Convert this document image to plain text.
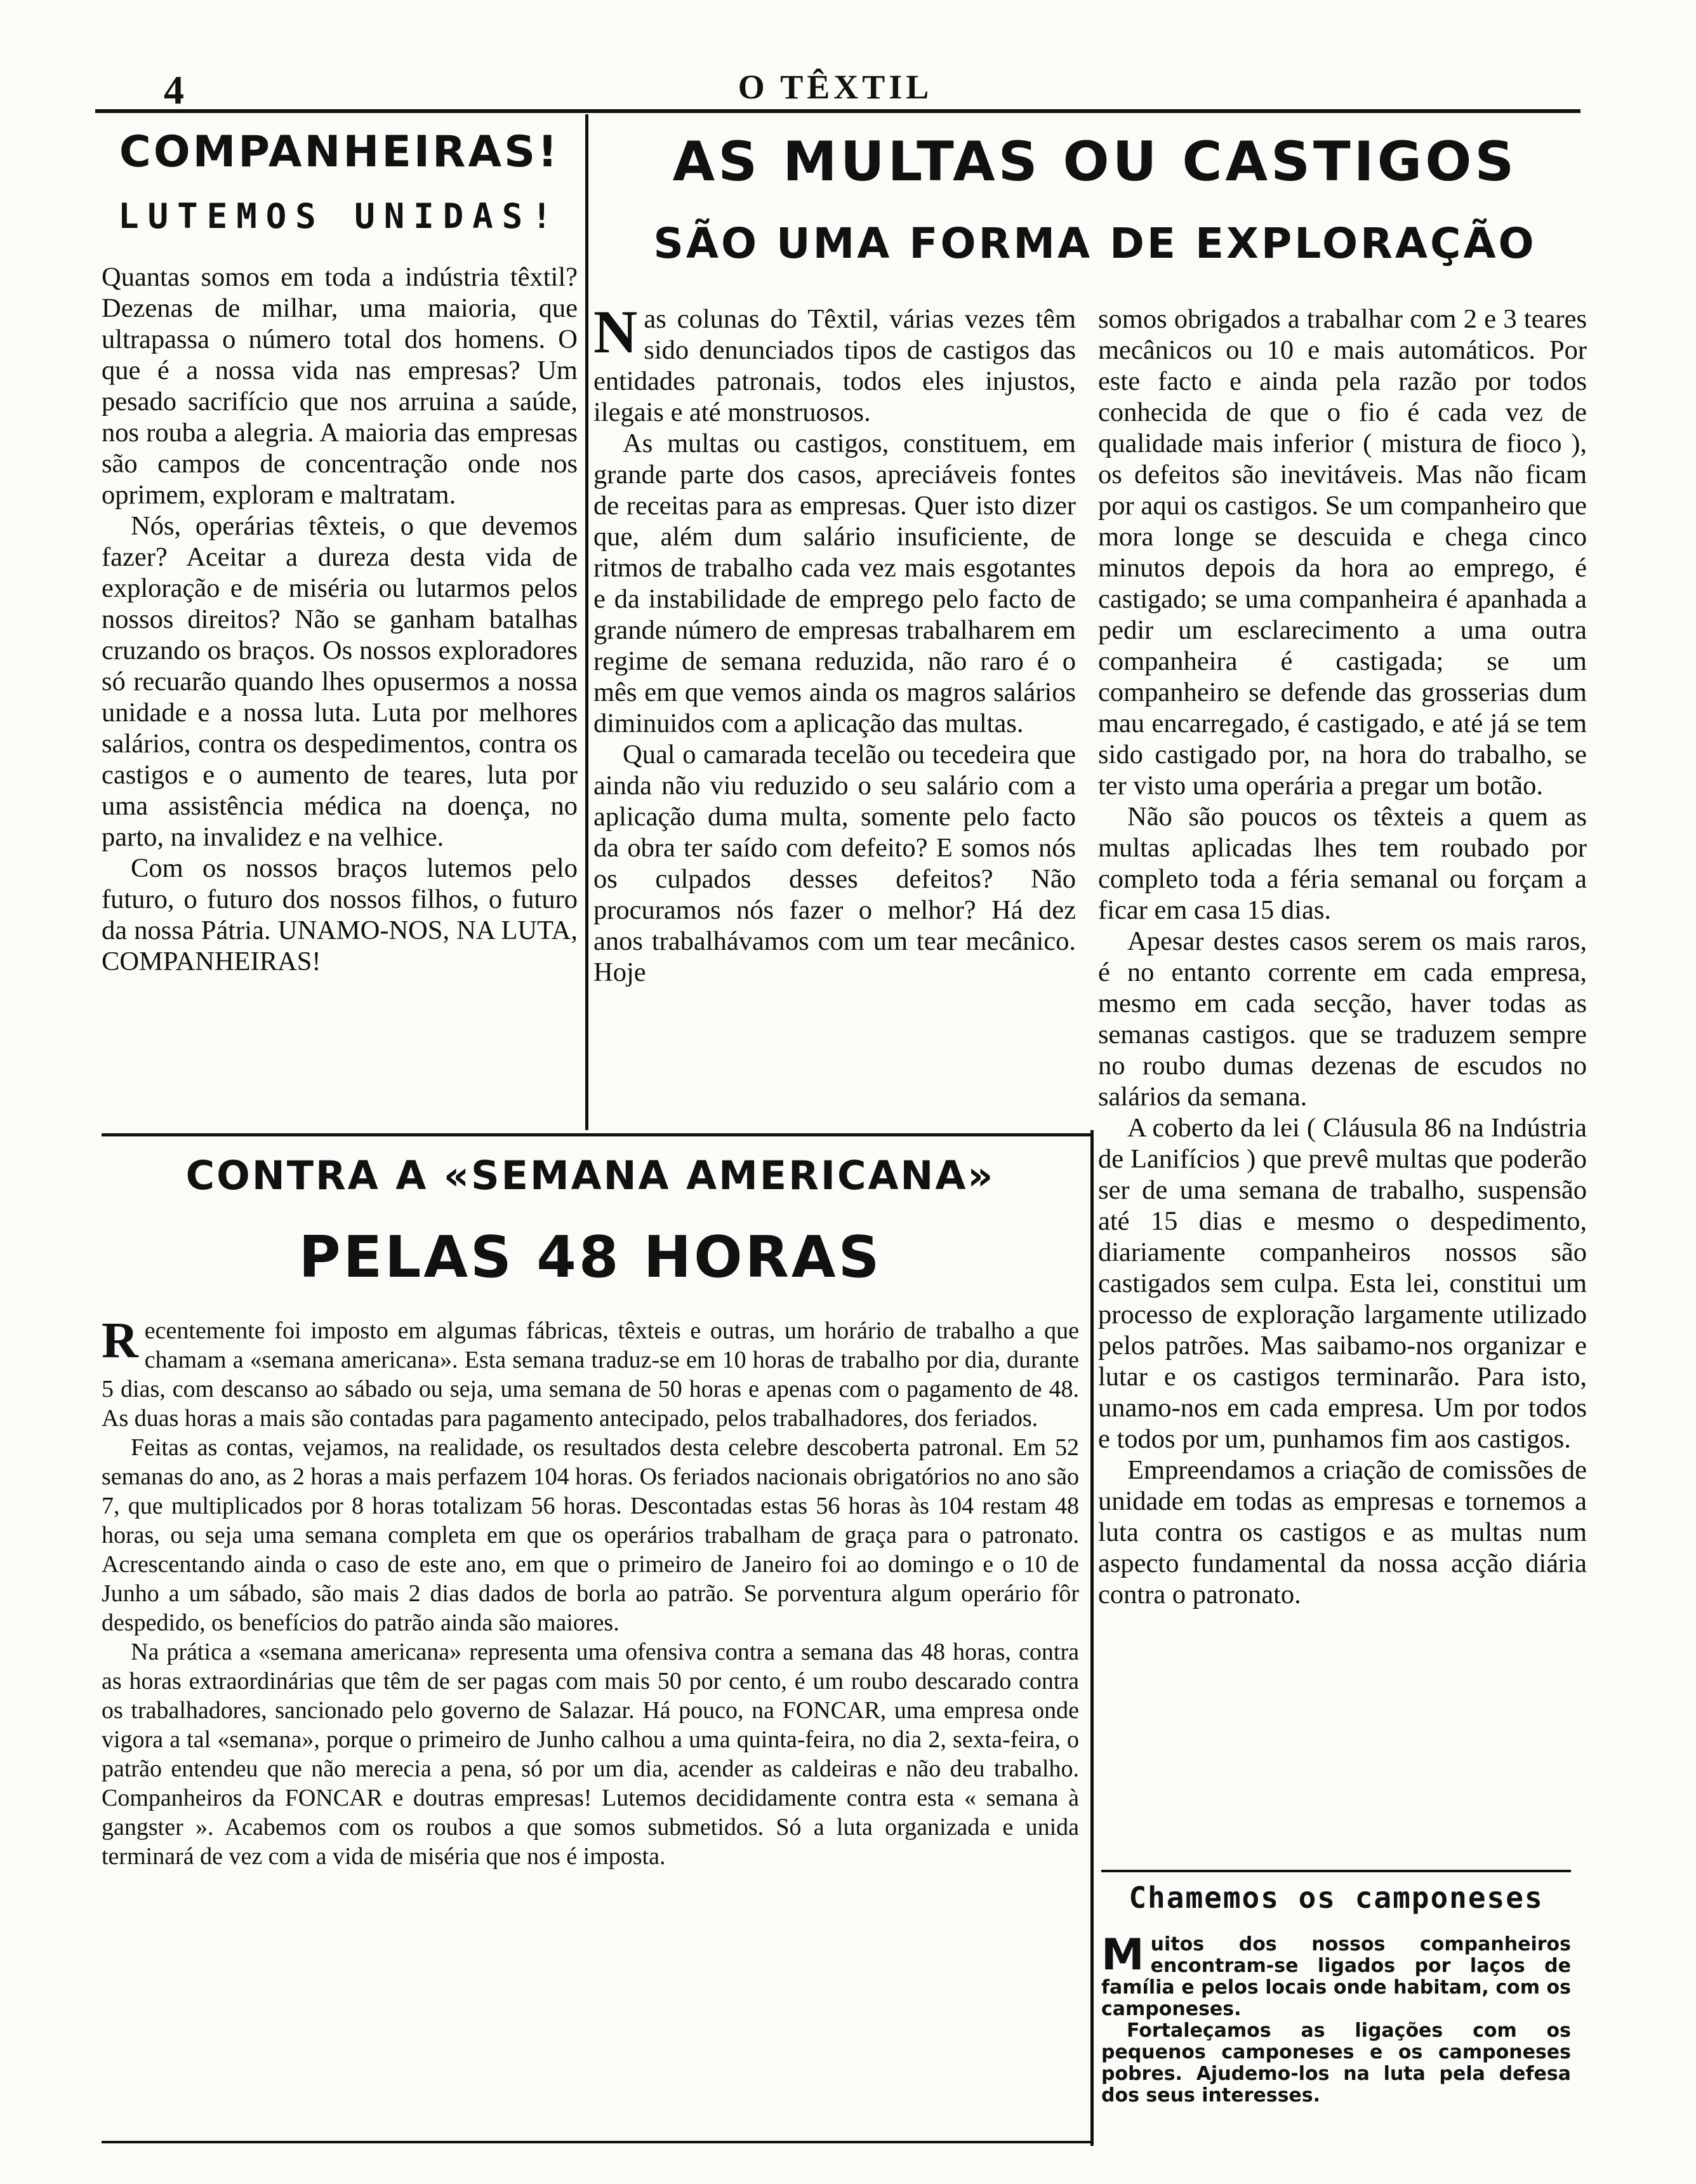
4	O TÊXTIL
COMPANHEIRAS!
LUTEMOS UNIDAS!

Quantas somos em toda a indústria têxtil? Dezenas de milhar, uma maioria, que ultrapassa o número total dos homens. O que é a nossa vida nas empresas? Um pesado sacrifício que nos arruina a saúde, nos rouba a alegria. A maioria das empresas são campos de concentração onde nos oprimem, exploram e maltratam.

Nós, operárias têxteis, o que devemos fazer? Aceitar a dureza desta vida de exploração e de miséria ou lutarmos pelos nossos direitos? Não se ganham batalhas cruzando os braços. Os nossos exploradores só recuarão quando lhes opusermos a nossa unidade e a nossa luta. Luta por melhores salários, contra os despedimentos, contra os castigos e o aumento de teares, luta por uma assistência médica na doença, no parto, na invalidez e na velhice.

Com os nossos braços lutemos pelo futuro, o futuro dos nossos filhos, o futuro da nossa Pátria. UNAMO-NOS, NA LUTA, COMPANHEIRAS!

AS MULTAS OU CASTIGOS
SÃO UMA FORMA DE EXPLORAÇÃO

Nas colunas do Têxtil, várias vezes têm sido denunciados tipos de castigos das entidades patronais, todos eles injustos, ilegais e até monstruosos.

As multas ou castigos, constituem, em grande parte dos casos, apreciáveis fontes de receitas para as empresas. Quer isto dizer que, além dum salário insuficiente, de ritmos de trabalho cada vez mais esgotantes e da instabilidade de emprego pelo facto de grande número de empresas trabalharem em regime de semana reduzida, não raro é o mês em que vemos ainda os magros salários diminuidos com a aplicação das multas.

Qual o camarada tecelão ou tecedeira que ainda não viu reduzido o seu salário com a aplicação duma multa, somente pelo facto da obra ter saído com defeito? E somos nós os culpados desses defeitos? Não procuramos nós fazer o melhor? Há dez anos trabalhávamos com um tear mecânico. Hoje

somos obrigados a trabalhar com 2 e 3 teares mecânicos ou 10 e mais automáticos. Por este facto e ainda pela razão por todos conhecida de que o fio é cada vez de qualidade mais inferior ( mistura de fioco ), os defeitos são inevitáveis. Mas não ficam por aqui os castigos. Se um companheiro que mora longe se descuida e chega cinco minutos depois da hora ao emprego, é castigado; se uma companheira é apanhada a pedir um esclarecimento a uma outra companheira é castigada; se um companheiro se defende das grosserias dum mau encarregado, é castigado, e até já se tem sido castigado por, na hora do trabalho, se ter visto uma operária a pregar um botão.

Não são poucos os têxteis a quem as multas aplicadas lhes tem roubado por completo toda a féria semanal ou forçam a ficar em casa 15 dias.

Apesar destes casos serem os mais raros, é no entanto corrente em cada empresa, mesmo em cada secção, haver todas as semanas castigos. que se traduzem sempre no roubo dumas dezenas de escudos no salários da semana.

A coberto da lei ( Cláusula 86 na Indústria de Lanifícios ) que prevê multas que poderão ser de uma semana de trabalho, suspensão até 15 dias e mesmo o despedimento, diariamente companheiros nossos são castigados sem culpa. Esta lei, constitui um processo de exploração largamente utilizado pelos patrões. Mas saibamo-nos organizar e lutar e os castigos terminarão. Para isto, unamo-nos em cada empresa. Um por todos e todos por um, punhamos fim aos castigos.

Empreendamos a criação de comissões de unidade em todas as empresas e tornemos a luta contra os castigos e as multas num aspecto fundamental da nossa acção diária contra o patronato.

CONTRA A «SEMANA AMERICANA»
PELAS 48 HORAS

Recentemente foi imposto em algumas fábricas, têxteis e outras, um horário de trabalho a que chamam a «semana americana». Esta semana traduz-se em 10 horas de trabalho por dia, durante 5 dias, com descanso ao sábado ou seja, uma semana de 50 horas e apenas com o pagamento de 48. As duas horas a mais são contadas para pagamento antecipado, pelos trabalhadores, dos feriados.

Feitas as contas, vejamos, na realidade, os resultados desta celebre descoberta patronal. Em 52 semanas do ano, as 2 horas a mais perfazem 104 horas. Os feriados nacionais obrigatórios no ano são 7, que multiplicados por 8 horas totalizam 56 horas. Descontadas estas 56 horas às 104 restam 48 horas, ou seja uma semana completa em que os operários trabalham de graça para o patronato. Acrescentando ainda o caso de este ano, em que o primeiro de Janeiro foi ao domingo e o 10 de Junho a um sábado, são mais 2 dias dados de borla ao patrão. Se porventura algum operário fôr despedido, os benefícios do patrão ainda são maiores.

Na prática a «semana americana» representa uma ofensiva contra a semana das 48 horas, contra as horas extraordinárias que têm de ser pagas com mais 50 por cento, é um roubo descarado contra os trabalhadores, sancionado pelo governo de Salazar. Há pouco, na FONCAR, uma empresa onde vigora a tal «semana», porque o primeiro de Junho calhou a uma quinta-feira, no dia 2, sexta-feira, o patrão entendeu que não merecia a pena, só por um dia, acender as caldeiras e não deu trabalho. Companheiros da FONCAR e doutras empresas! Lutemos decididamente contra esta « semana à gangster ». Acabemos com os roubos a que somos submetidos. Só a luta organizada e unida terminará de vez com a vida de miséria que nos é imposta.

Chamemos os camponeses

Muitos dos nossos companheiros encontram-se ligados por laços de família e pelos locais onde habitam, com os camponeses.

Fortaleçamos as ligações com os pequenos camponeses e os camponeses pobres. Ajudemo-los na luta pela defesa dos seus interesses.
